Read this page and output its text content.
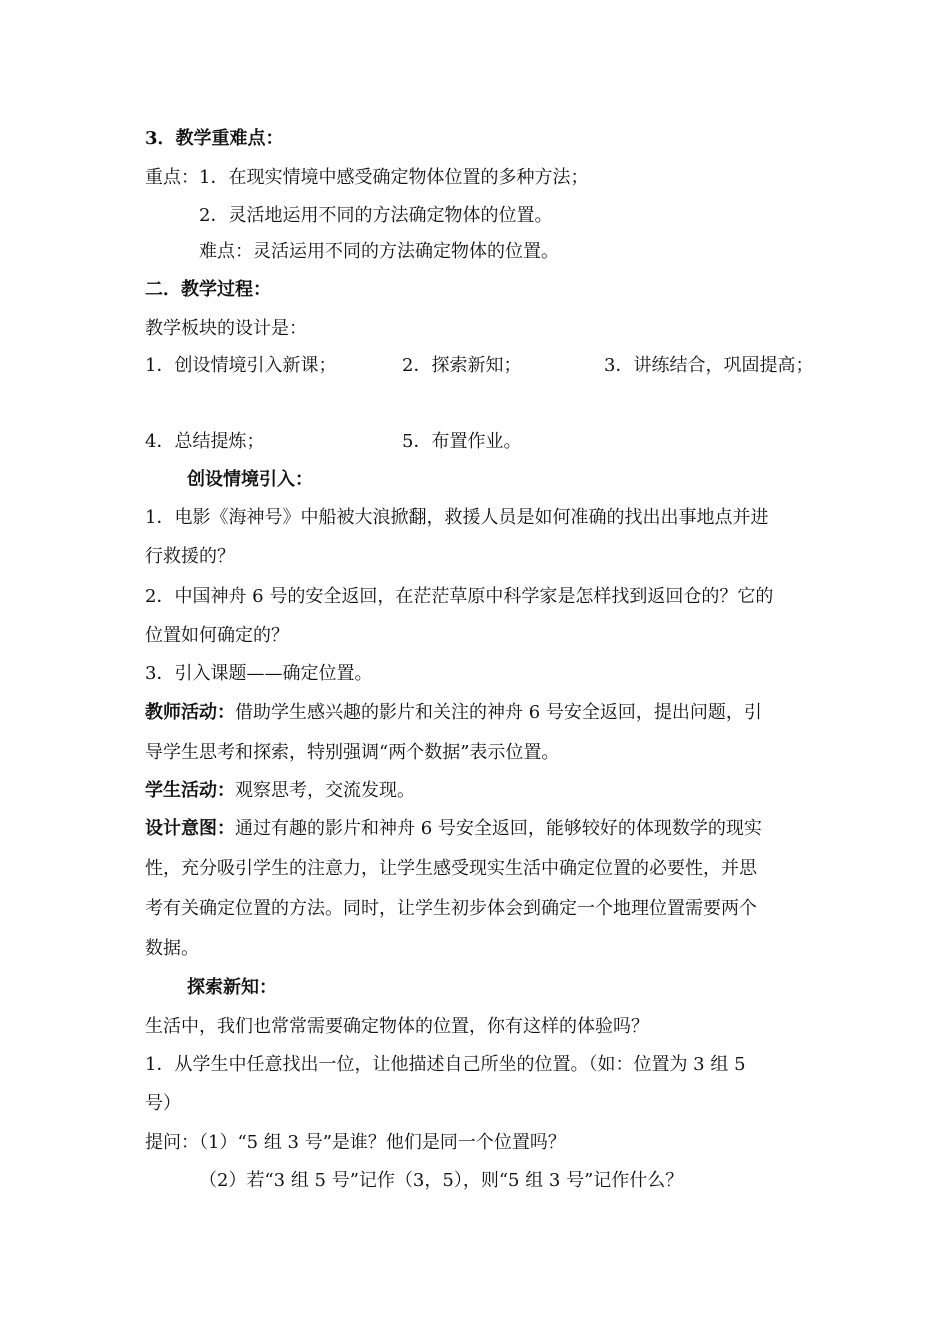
3．教学重难点：
重点：1．在现实情境中感受确定物体位置的多种方法；
2．灵活地运用不同的方法确定物体的位置。
难点：灵活运用不同的方法确定物体的位置。
二．教学过程：
教学板块的设计是：
1．创设情境引入新课；	2．探索新知；	3．讲练结合，巩固提高；
4．总结提炼；	5．布置作业。
创设情境引入：
1．电影《海神号》中船被大浪掀翻，救援人员是如何准确的找出出事地点并进
行救援的？
2．中国神舟 6 号的安全返回，在茫茫草原中科学家是怎样找到返回仓的？它的
位置如何确定的？
3．引入课题——确定位置。
教师活动：借助学生感兴趣的影片和关注的神舟 6 号安全返回，提出问题，引
导学生思考和探索，特别强调“两个数据”表示位置。
学生活动：观察思考，交流发现。
设计意图：通过有趣的影片和神舟 6 号安全返回，能够较好的体现数学的现实
性，充分吸引学生的注意力，让学生感受现实生活中确定位置的必要性，并思
考有关确定位置的方法。同时，让学生初步体会到确定一个地理位置需要两个
数据。
探索新知：
生活中，我们也常常需要确定物体的位置，你有这样的体验吗？
1．从学生中任意找出一位，让他描述自己所坐的位置。（如：位置为 3 组 5
号）
提问：（1）“5 组 3 号”是谁？他们是同一个位置吗？
（2）若“3 组 5 号”记作（3，5），则“5 组 3 号”记作什么？
